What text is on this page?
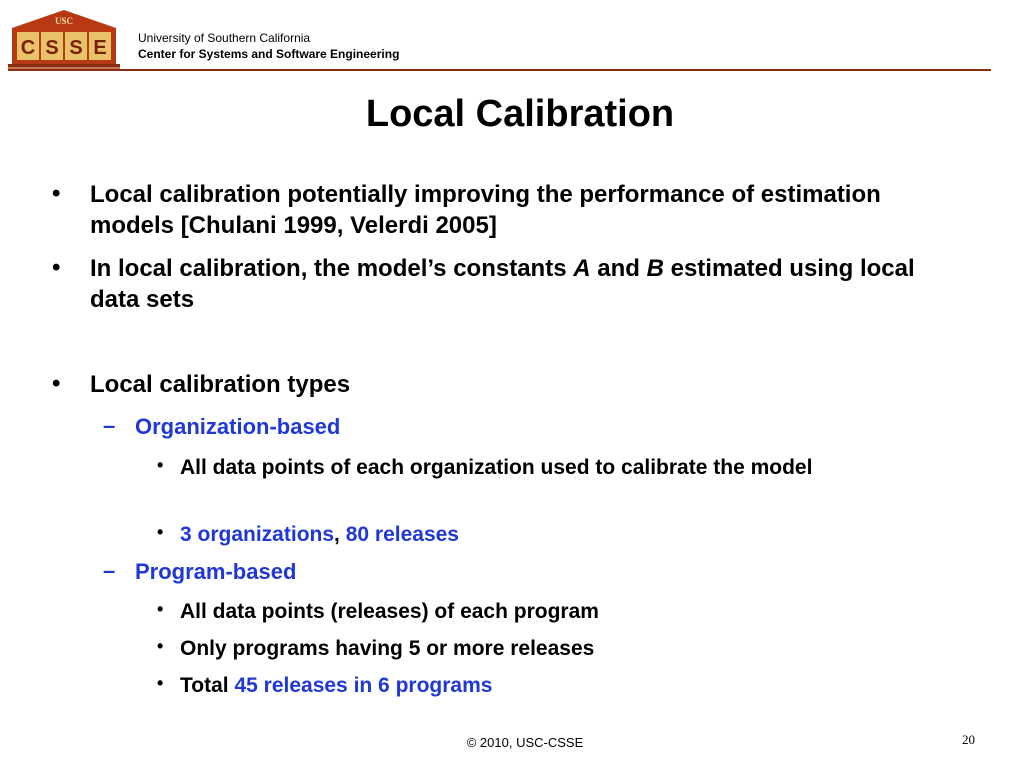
USC
C S S E	University of Southern California
Center for Systems and Software Engineering
Local Calibration
• Local calibration potentially improving the performance of estimation models [Chulani 1999, Velerdi 2005]
• In local calibration, the model’s constants A and B estimated using local data sets
• Local calibration types
– Organization-based
• All data points of each organization used to calibrate the model
• 3 organizations, 80 releases
– Program-based
• All data points (releases) of each program
• Only programs having 5 or more releases
• Total 45 releases in 6 programs
© 2010, USC-CSSE	20
